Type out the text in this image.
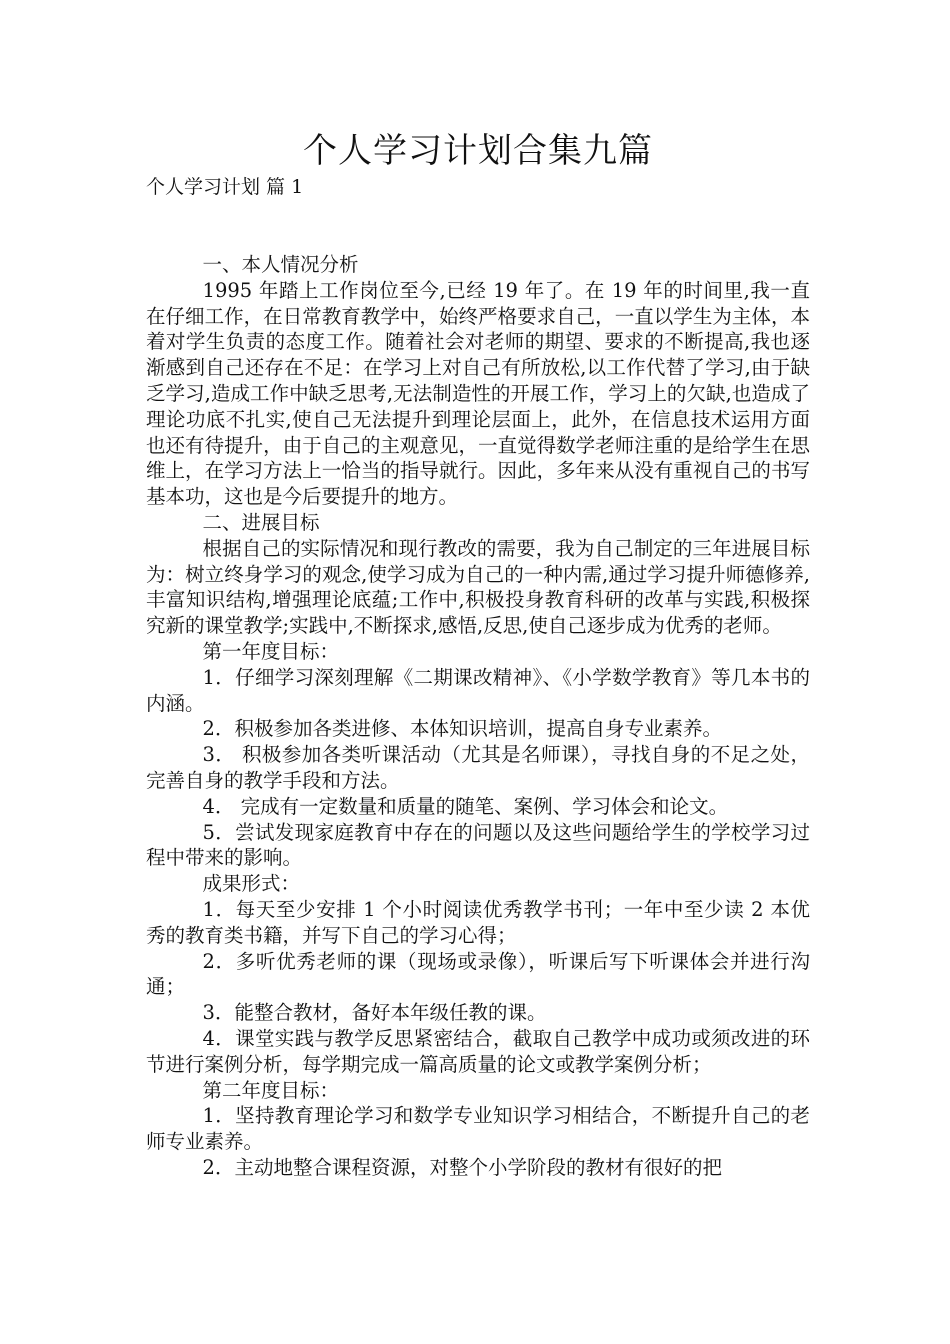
个人学习计划合集九篇

个人学习计划 篇 1

一、本人情况分析

1995 年踏上工作岗位至今,已经 19 年了。在 19 年的时间里,我一直在仔细工作，在日常教育教学中，始终严格要求自己，一直以学生为主体，本着对学生负责的态度工作。随着社会对老师的期望、要求的不断提高,我也逐渐感到自己还存在不足：在学习上对自己有所放松,以工作代替了学习,由于缺乏学习,造成工作中缺乏思考,无法制造性的开展工作，学习上的欠缺,也造成了理论功底不扎实,使自己无法提升到理论层面上，此外，在信息技术运用方面也还有待提升，由于自己的主观意见，一直觉得数学老师注重的是给学生在思维上，在学习方法上一恰当的指导就行。因此，多年来从没有重视自己的书写基本功，这也是今后要提升的地方。

二、进展目标

根据自己的实际情况和现行教改的需要，我为自己制定的三年进展目标为：树立终身学习的观念,使学习成为自己的一种内需,通过学习提升师德修养,丰富知识结构,增强理论底蕴;工作中,积极投身教育科研的改革与实践,积极探究新的课堂教学;实践中,不断探求,感悟,反思,使自己逐步成为优秀的老师。

第一年度目标：

1．仔细学习深刻理解《二期课改精神》、《小学数学教育》等几本书的内涵。

2．积极参加各类进修、本体知识培训，提高自身专业素养。

3． 积极参加各类听课活动（尤其是名师课），寻找自身的不足之处，完善自身的教学手段和方法。

4． 完成有一定数量和质量的随笔、案例、学习体会和论文。

5．尝试发现家庭教育中存在的问题以及这些问题给学生的学校学习过程中带来的影响。

成果形式：

1．每天至少安排 1 个小时阅读优秀教学书刊；一年中至少读 2 本优秀的教育类书籍，并写下自己的学习心得；

2．多听优秀老师的课（现场或录像），听课后写下听课体会并进行沟通；

3．能整合教材，备好本年级任教的课。

4．课堂实践与教学反思紧密结合，截取自己教学中成功或须改进的环节进行案例分析，每学期完成一篇高质量的论文或教学案例分析；

第二年度目标：

1．坚持教育理论学习和数学专业知识学习相结合，不断提升自己的老师专业素养。

2．主动地整合课程资源，对整个小学阶段的教材有很好的把
